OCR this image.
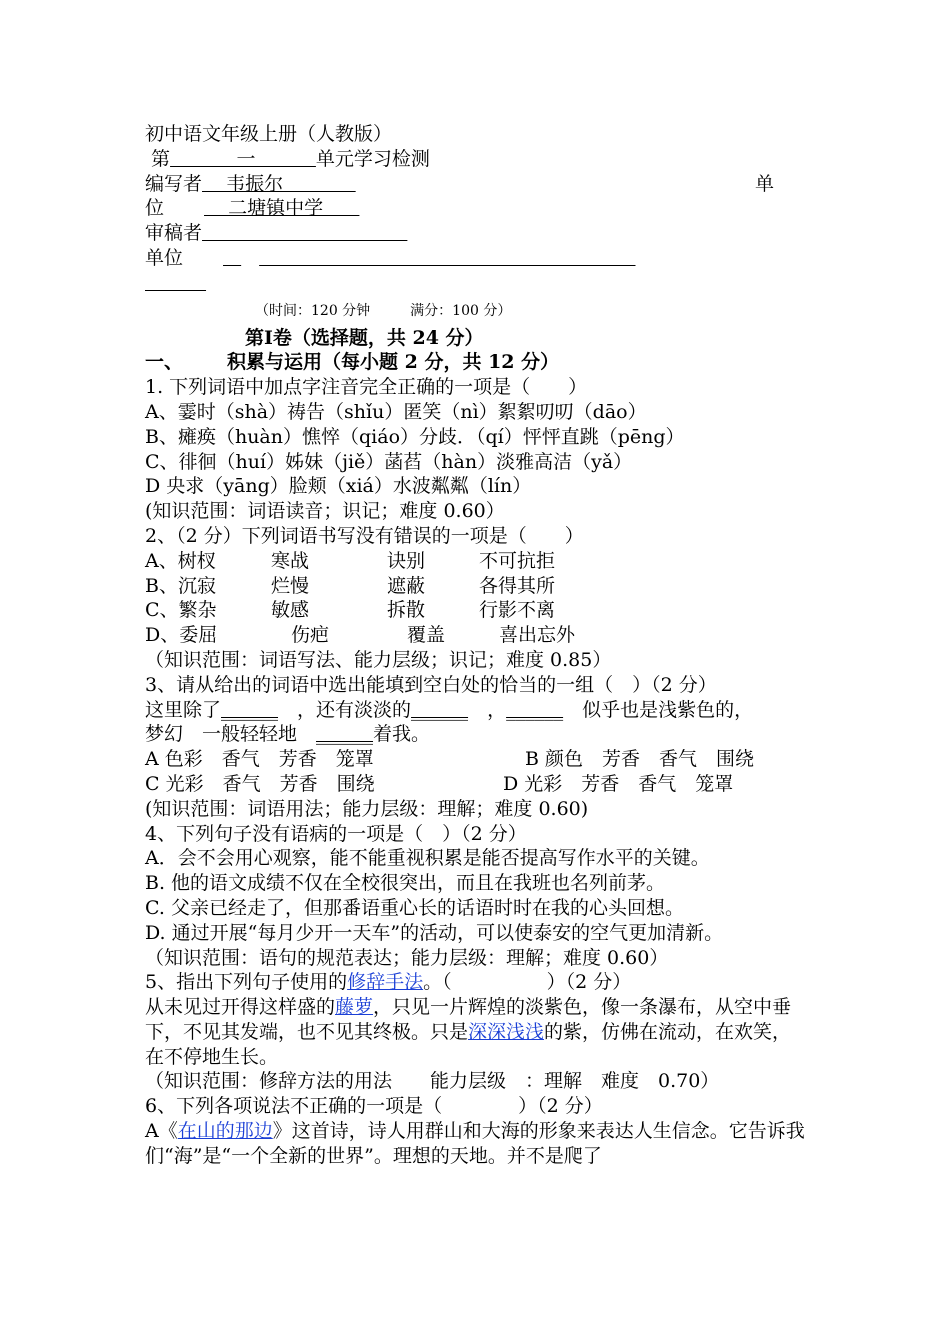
初中语文年级上册（人教版）
第           一          单元学习检测
编写者    韦振尔	单
位    二塘镇中学
审稿者
单位

（时间：120 分钟	满分：100 分）
第Ⅰ卷（选择题，共 24 分）
一、 积累与运用（每小题 2 分，共 12 分）
1. 下列词语中加点字注音完全正确的一项是（　　）
A、霎时（shà）祷告（shǐu）匿笑（nì）絮絮叨叨（dāo）
B、瘫痪（huàn）憔悴（qiáo）分歧．（qí）怦怦直跳（pēng）
C、徘徊（huí）姊妹（jiě）菡萏（hàn）淡雅高洁（yǎ）
D 央求（yāng）脸颊（xiá）水波粼粼（lín）
(知识范围：词语读音；识记；难度 0.60）
2、（2 分）下列词语书写没有错误的一项是（　　）
A、树杈	寒战	诀别	不可抗拒
B、沉寂	烂慢	遮蔽	各得其所
C、繁杂	敏感	拆散	行影不离
D、委屈	伤疤	覆盖	喜出忘外
（知识范围：词语写法、能力层级；识记；难度 0.85）
3、请从给出的词语中选出能填到空白处的恰当的一组（　）（2 分）
这里除了______　 ，还有淡淡的______　 ，______　 似乎也是浅紫色的，
梦幻　一般轻轻地　______着我。
A 色彩　香气　芳香　笼罩	B 颜色　芳香　香气　围绕
C 光彩　香气　芳香　围绕	D 光彩　芳香　香气　笼罩
(知识范围：词语用法；能力层级：理解；难度 0.60)
4、下列句子没有语病的一项是（　）（2 分）
A．会不会用心观察，能不能重视积累是能否提高写作水平的关键。
B. 他的语文成绩不仅在全校很突出，而且在我班也名列前茅。
C. 父亲已经走了，但那番语重心长的话语时时在我的心头回想。
D. 通过开展“每月少开一天车”的活动，可以使泰安的空气更加清新。
（知识范围：语句的规范表达；能力层级：理解；难度 0.60）
5、指出下列句子使用的修辞手法。（　　　　　）（2 分）
从未见过开得这样盛的藤萝，只见一片辉煌的淡紫色，像一条瀑布，从空中垂下，不见其发端，也不见其终极。只是深深浅浅的紫，仿佛在流动，在欢笑，在不停地生长。
（知识范围：修辞方法的用法　　能力层级　：理解　难度　0.70）
6、下列各项说法不正确的一项是（　　　　）（2 分）
A《在山的那边》这首诗，诗人用群山和大海的形象来表达人生信念。它告诉我们“海”是“一个全新的世界”。理想的天地。并不是爬了
